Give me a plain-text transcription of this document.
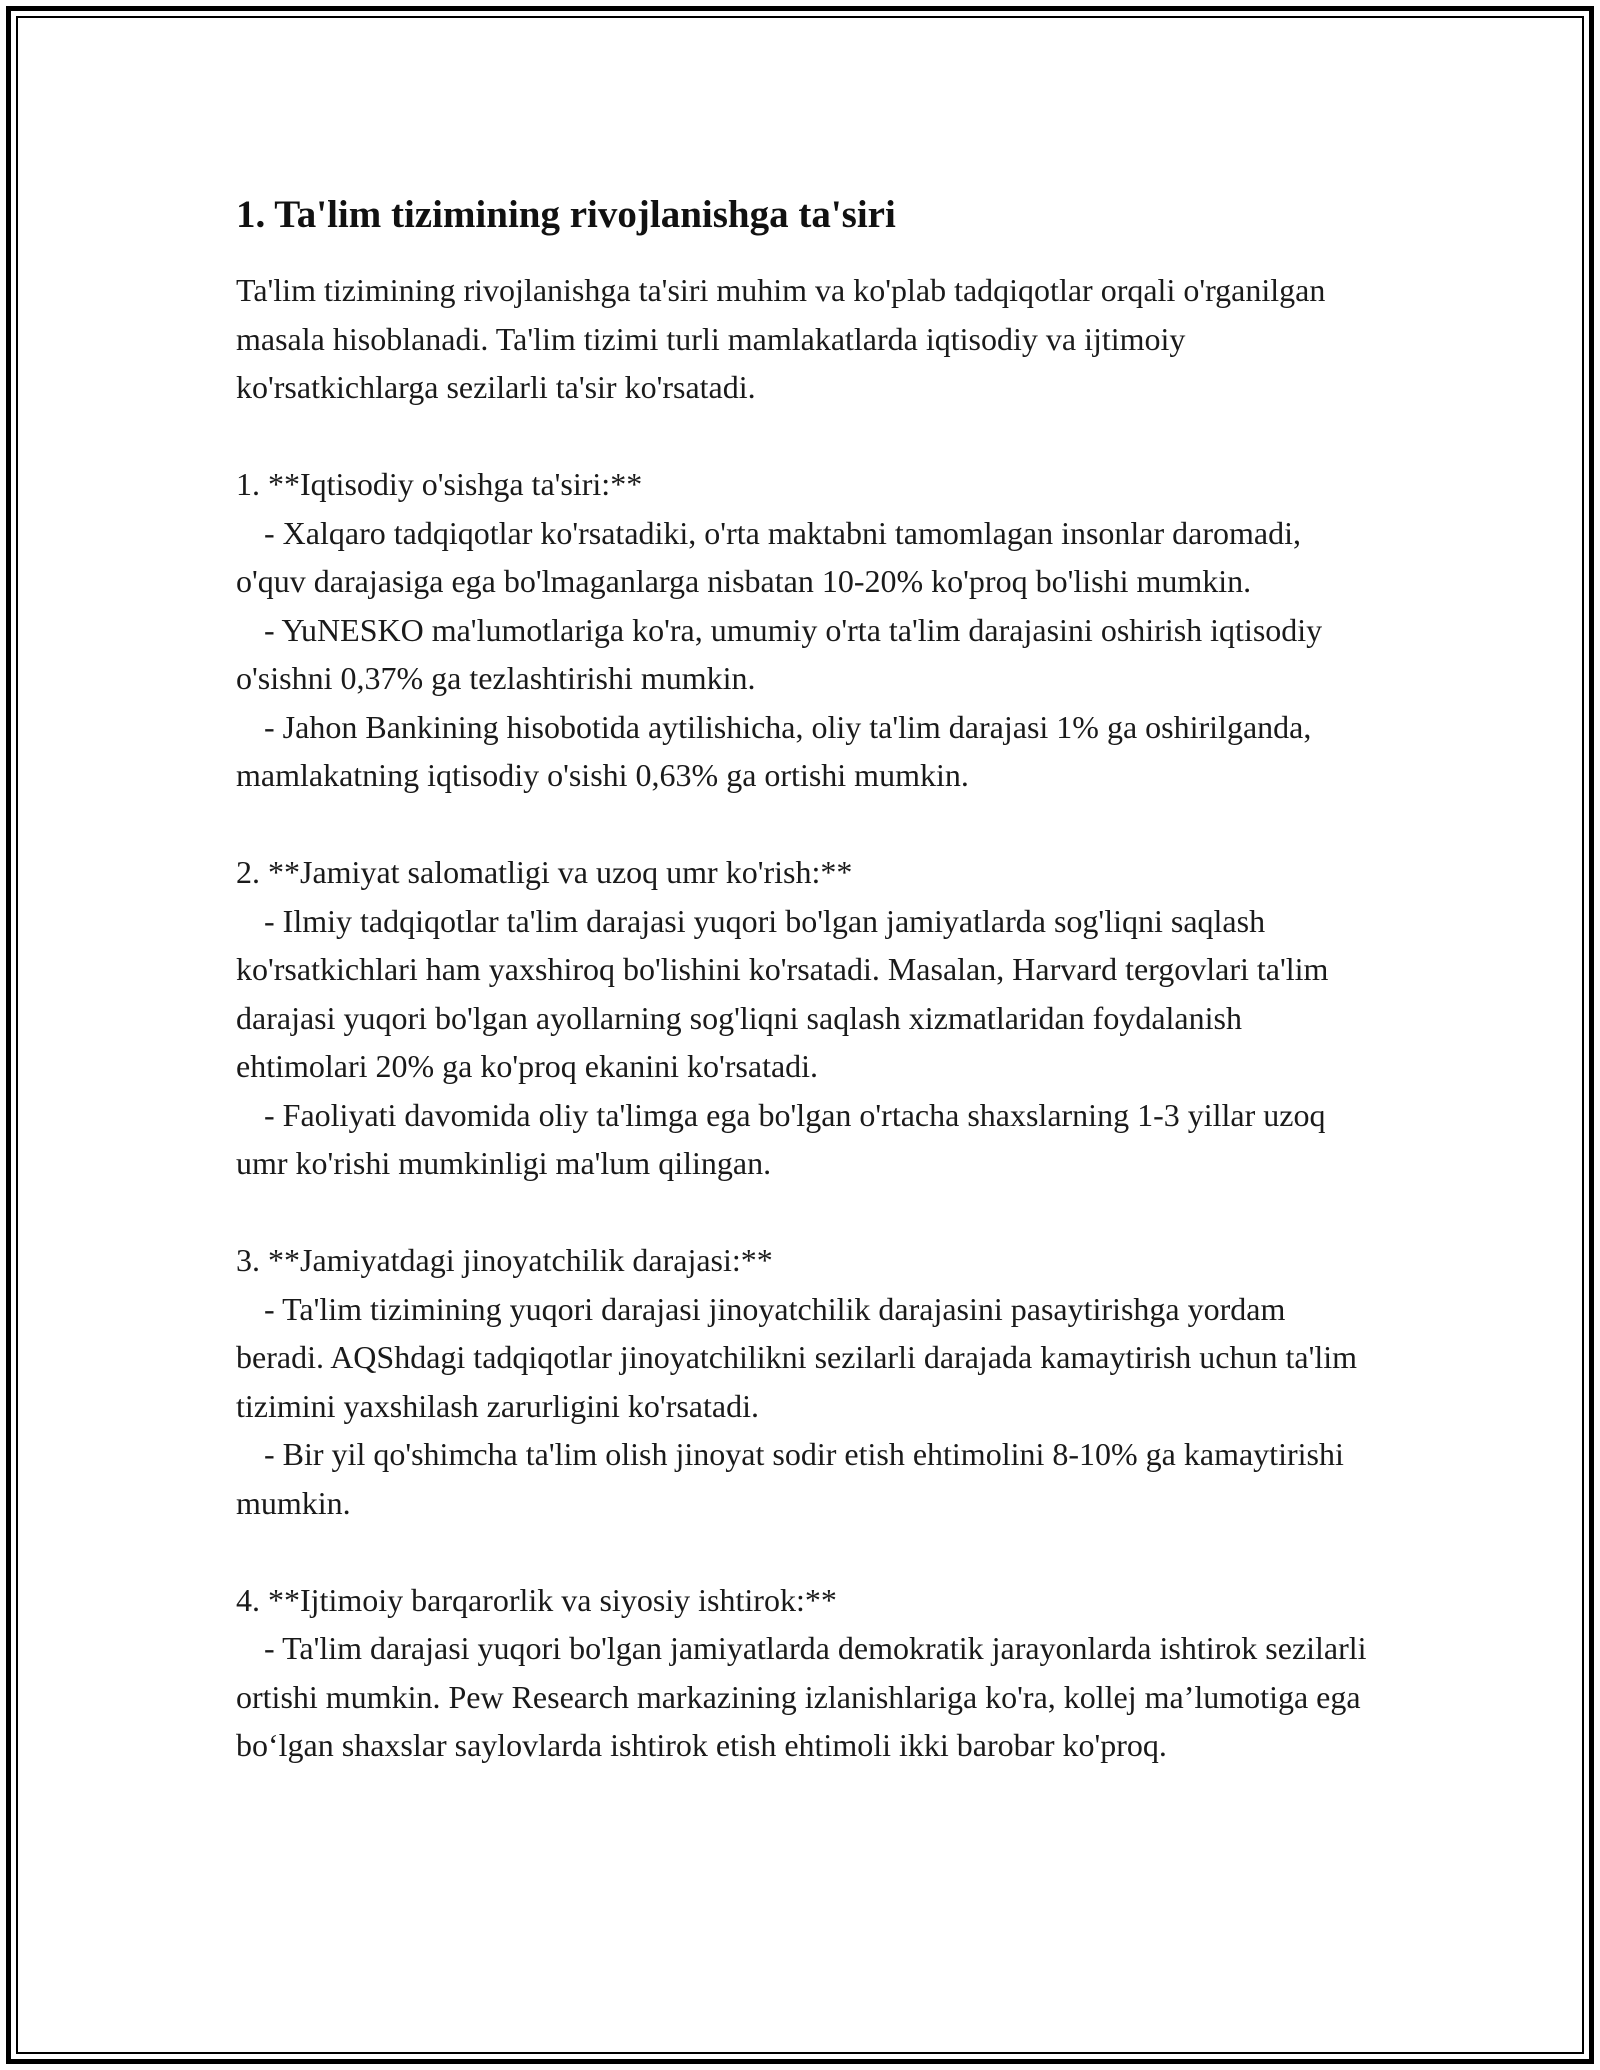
1. Ta'lim tizimining rivojlanishga ta'siri

Ta'lim tizimining rivojlanishga ta'siri muhim va ko'plab tadqiqotlar orqali o'rganilgan masala hisoblanadi. Ta'lim tizimi turli mamlakatlarda iqtisodiy va ijtimoiy ko'rsatkichlarga sezilarli ta'sir ko'rsatadi.

1. **Iqtisodiy o'sishga ta'siri:**

- Xalqaro tadqiqotlar ko'rsatadiki, o'rta maktabni tamomlagan insonlar daromadi, o'quv darajasiga ega bo'lmaganlarga nisbatan 10-20% ko'proq bo'lishi mumkin.

- YuNESKO ma'lumotlariga ko'ra, umumiy o'rta ta'lim darajasini oshirish iqtisodiy o'sishni 0,37% ga tezlashtirishi mumkin.

- Jahon Bankining hisobotida aytilishicha, oliy ta'lim darajasi 1% ga oshirilganda, mamlakatning iqtisodiy o'sishi 0,63% ga ortishi mumkin.

2. **Jamiyat salomatligi va uzoq umr ko'rish:**

- Ilmiy tadqiqotlar ta'lim darajasi yuqori bo'lgan jamiyatlarda sog'liqni saqlash ko'rsatkichlari ham yaxshiroq bo'lishini ko'rsatadi. Masalan, Harvard tergovlari ta'lim darajasi yuqori bo'lgan ayollarning sog'liqni saqlash xizmatlaridan foydalanish ehtimolari 20% ga ko'proq ekanini ko'rsatadi.

- Faoliyati davomida oliy ta'limga ega bo'lgan o'rtacha shaxslarning 1-3 yillar uzoq umr ko'rishi mumkinligi ma'lum qilingan.

3. **Jamiyatdagi jinoyatchilik darajasi:**

- Ta'lim tizimining yuqori darajasi jinoyatchilik darajasini pasaytirishga yordam beradi. AQShdagi tadqiqotlar jinoyatchilikni sezilarli darajada kamaytirish uchun ta'lim tizimini yaxshilash zarurligini ko'rsatadi.

- Bir yil qo'shimcha ta'lim olish jinoyat sodir etish ehtimolini 8-10% ga kamaytirishi mumkin.

4. **Ijtimoiy barqarorlik va siyosiy ishtirok:**

- Ta'lim darajasi yuqori bo'lgan jamiyatlarda demokratik jarayonlarda ishtirok sezilarli ortishi mumkin. Pew Research markazining izlanishlariga ko'ra, kollej ma’lumotiga ega bo‘lgan shaxslar saylovlarda ishtirok etish ehtimoli ikki barobar ko'proq.
